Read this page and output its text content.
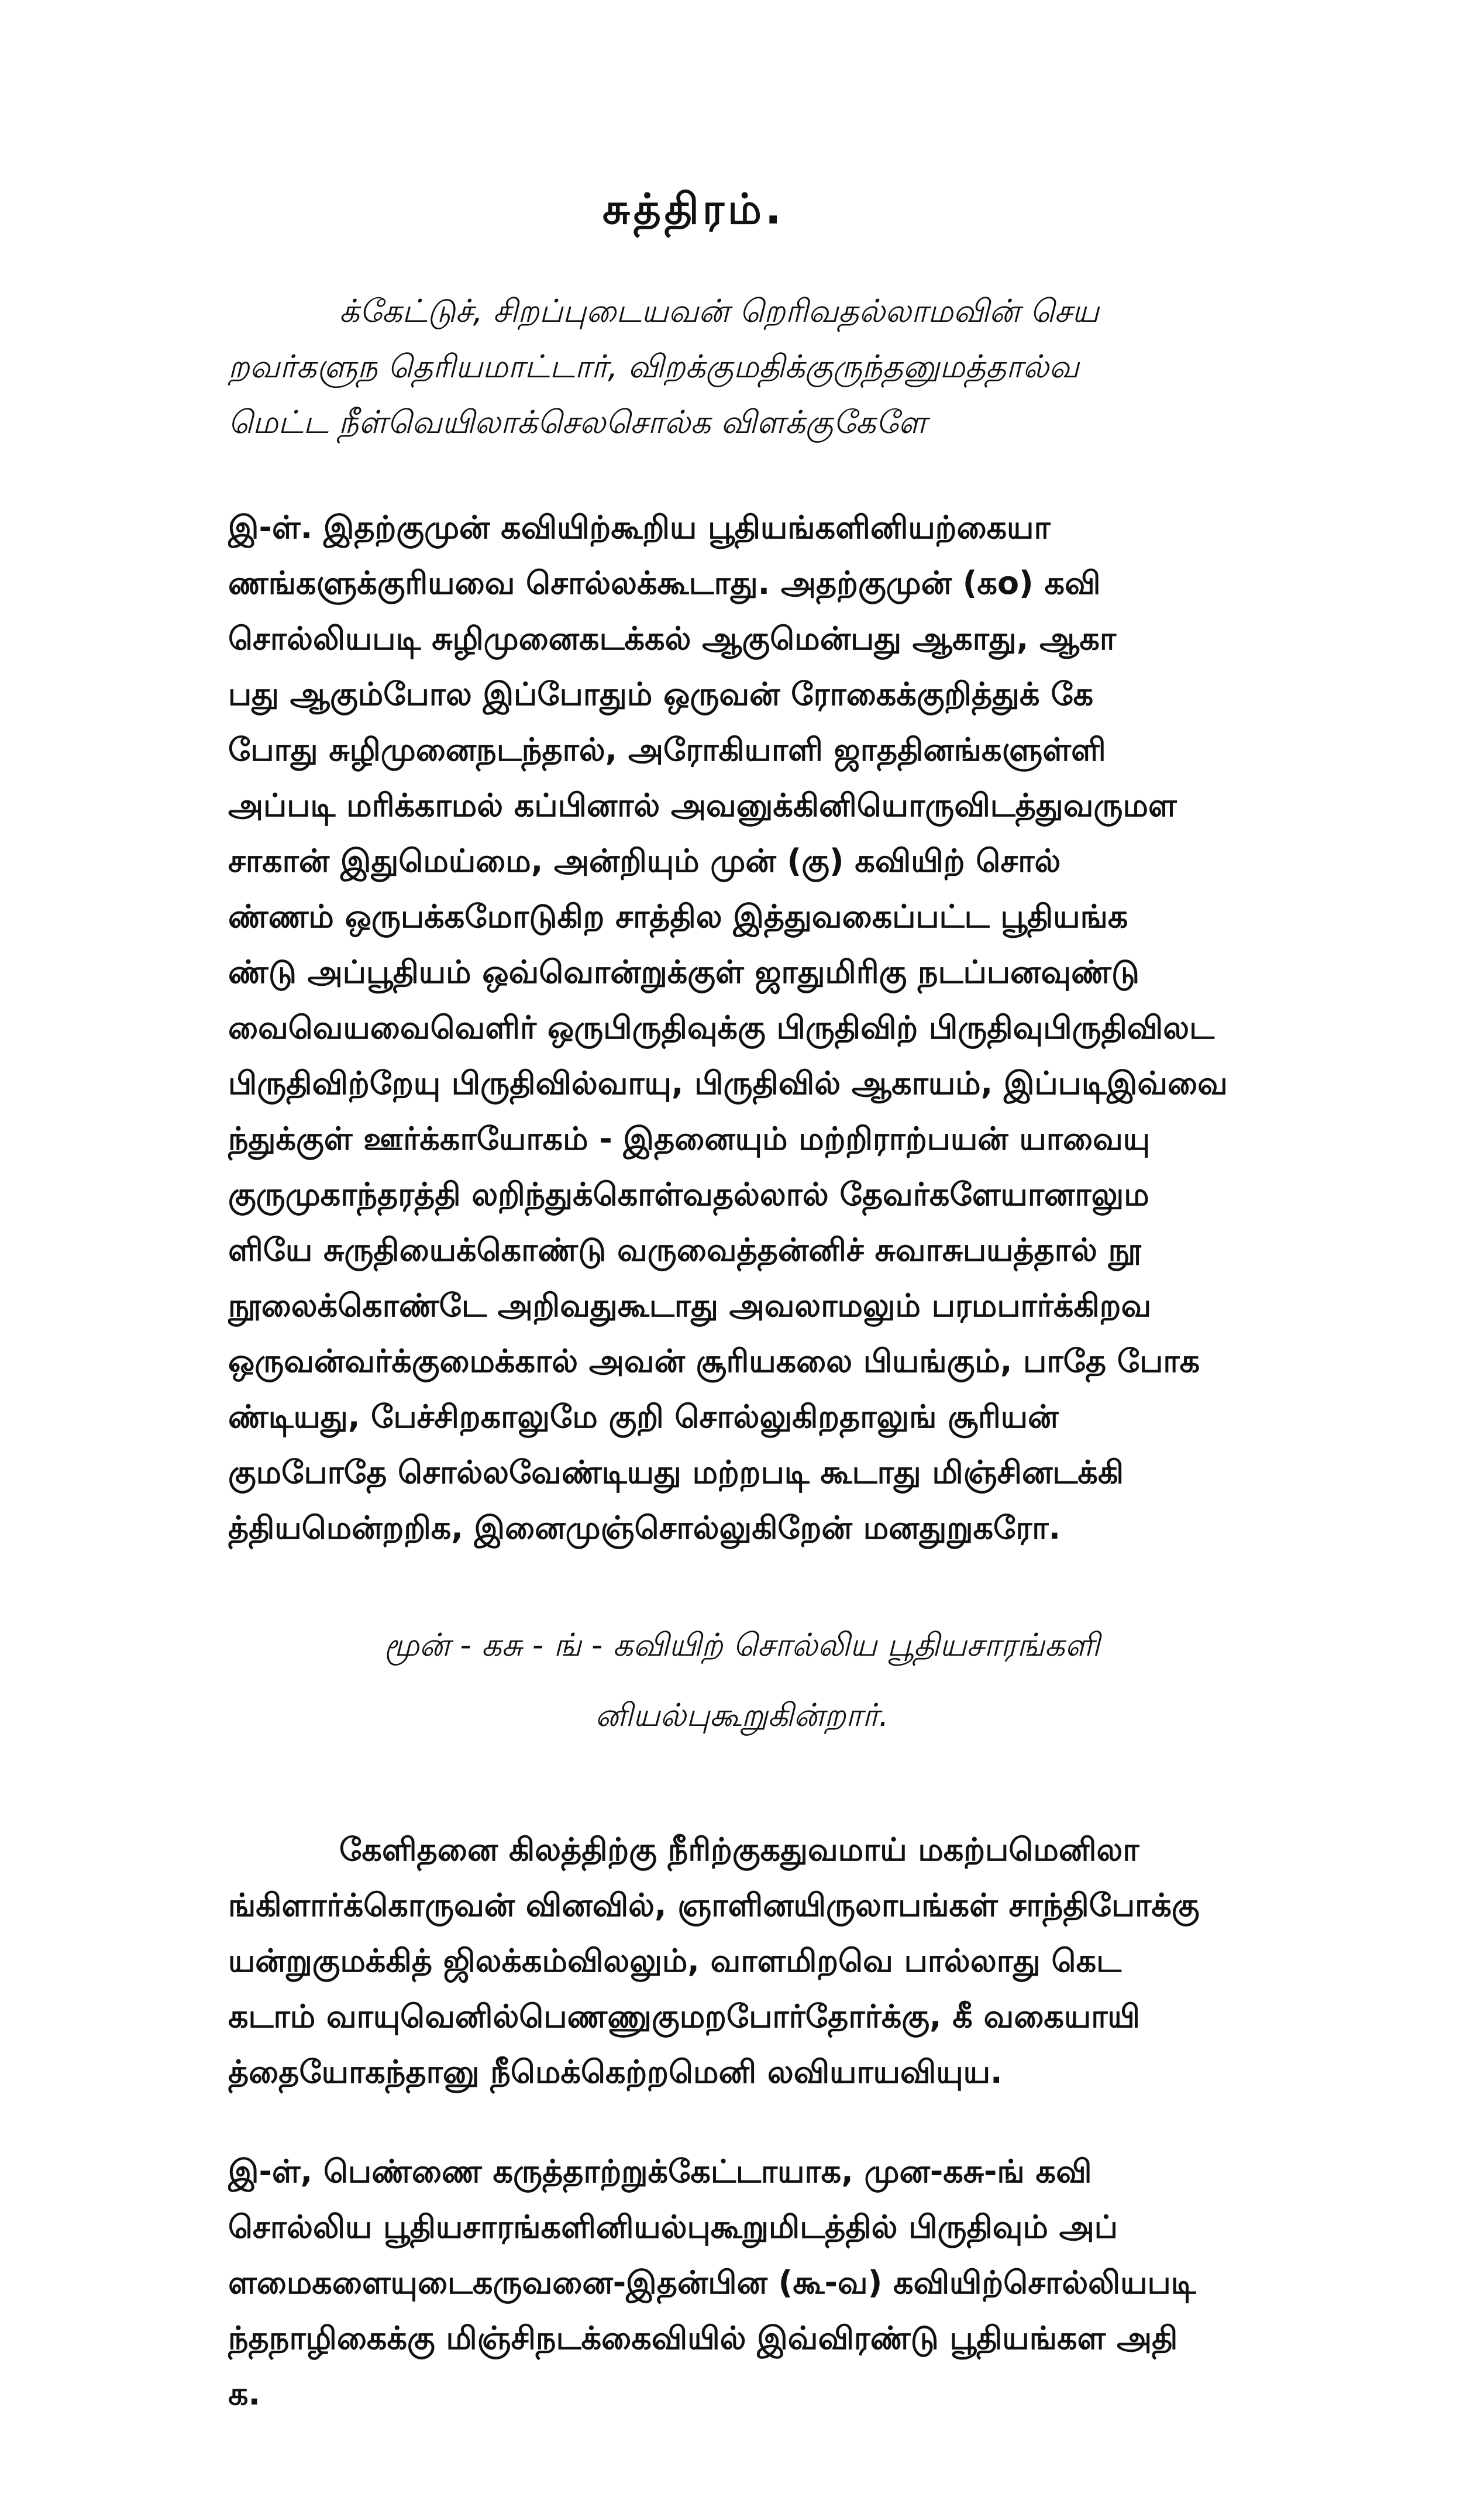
சுத்திரம்.
க்கேட்டுச், சிறப்புடையவன் றெரிவதல்லாமவின் செய
றவர்களுந தெரியமாட்டார், விறக்குமதிக்குருந்தனுமத்தால்வ
மெட்ட நீள்வெயிலாக்செலசொல்க விளக்குகேளே
இ-ள். இதற்குமுன் கவியிற்கூறிய பூதியங்களினியற்கையா
ணங்களுக்குரியவை சொல்லக்கூடாது. அதற்குமுன் (கo) கவி
சொல்லியபடி சுழிமுனைகடக்கல் ஆகுமென்பது ஆகாது, ஆகா
பது ஆகும்போல இப்போதும் ஒருவன் ரோகைக்குறித்துக் கே
போது சுழிமுனைநடந்தால், அரோகியாளி ஜாததினங்களுள்ளி
அப்படி மரிக்காமல் கப்பினால் அவனுக்கினியொருவிடத்துவருமள
சாகான் இதுமெய்மை, அன்றியும் முன் (கு) கவியிற் சொல்
ண்ணம் ஒருபக்கமோடுகிற சாத்தில இத்துவகைப்பட்ட பூதியங்க
ண்டு அப்பூதியம் ஒவ்வொன்றுக்குள் ஜாதுமிரிகு நடப்பனவுண்டு
வைவெயவைவெளிர் ஒருபிருதிவுக்கு பிருதிவிற் பிருதிவுபிருதிவிலட
பிருதிவிற்றேயு பிருதிவில்வாயு, பிருதிவில் ஆகாயம், இப்படிஇவ்வை
ந்துக்குள் ஊர்க்காயோகம் - இதனையும் மற்றிராற்பயன் யாவையு
குருமுகாந்தரத்தி லறிந்துக்கொள்வதல்லால் தேவர்களேயானாலும
ளியே சுருதியைக்கொண்டு வருவைத்தன்னிச் சுவாசுபயத்தால் நூ
நூலைக்கொண்டே அறிவதுகூடாது அவலாமலும் பரமபார்க்கிறவ
ஒருவன்வர்க்குமைக்கால் அவன் சூரியகலை பியங்கும், பாதே போக
ண்டியது, பேச்சிறகாலுமே குறி சொல்லுகிறதாலுங் சூரியன்
குமபோதே சொல்லவேண்டியது மற்றபடி கூடாது மிஞ்சினடக்கி
த்தியமென்றறிக, இனைமுஞ்சொல்லுகிறேன் மனதுறுகரோ.
மூன் - கசு - ங் - கவியிற் சொல்லிய பூதியசாரங்களி
னியல்புகூறுகின்றார்.
கேளிதனை கிலத்திற்கு நீரிற்குகதுவமாய் மகற்பமெனிலா
ங்கிளார்க்கொருவன் வினவில், ஞாளினயிருலாபங்கள் சாந்திபோக்கு
யன்றுகுமக்கித் ஜிலக்கம்விலலும், வாளமிறவெ பால்லாது கெட
கடாம் வாயுவெனில்பெணணுகுமறபோர்தோர்க்கு, கீ வகையாயி
த்தையோகந்தானு நீமெக்கெற்றமெனி லவியாயவியுய.
இ-ள், பெண்ணை கருத்தாற்றுக்கேட்டாயாக, முன-கசு-ங் கவி
சொல்லிய பூதியசாரங்களினியல்புகூறுமிடத்தில் பிருதிவும் அப்
ளமைகளையுடைகருவனை-இதன்பின (கூ-வ) கவியிற்சொல்லியபடி
ந்தநாழிகைக்கு மிஞ்சிநடக்கைவியில் இவ்விரண்டு பூதியங்கள அதி
க.
